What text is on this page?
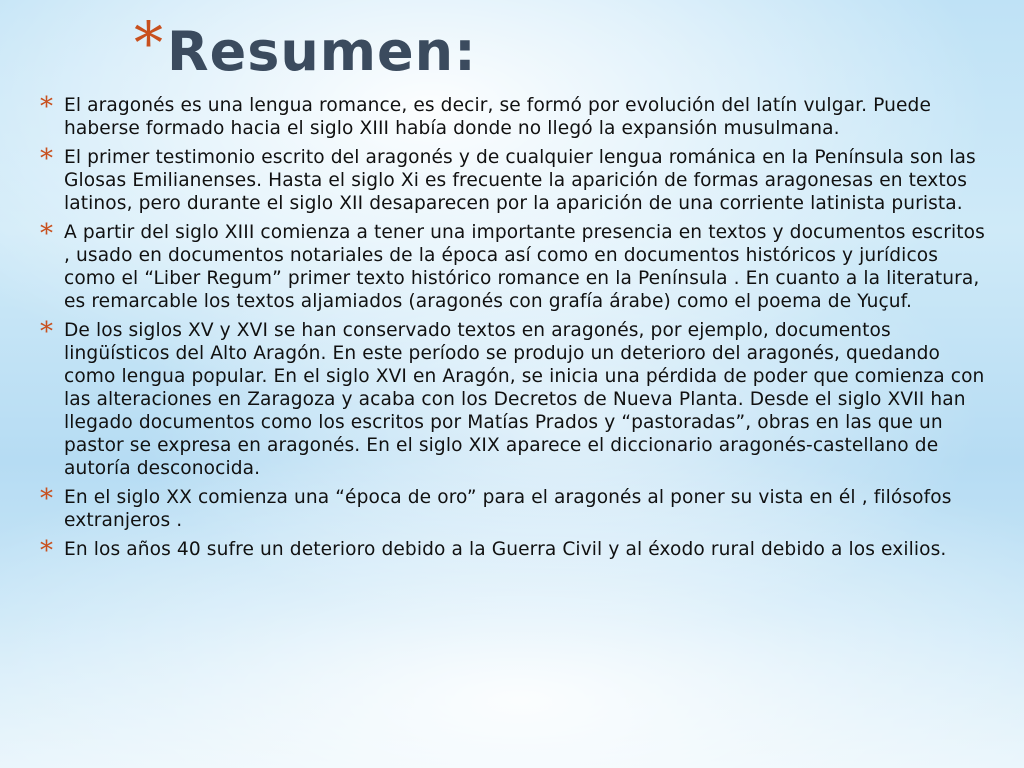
* Resumen:
* El aragonés es una lengua romance, es decir, se formó por evolución del latín vulgar. Puede haberse formado hacia el siglo XIII había donde no llegó la expansión musulmana.
* El primer testimonio escrito del aragonés y de cualquier lengua románica en la Península son las Glosas Emilianenses. Hasta el siglo Xi es frecuente la aparición de formas aragonesas en textos latinos, pero durante el siglo XII desaparecen por la aparición de una corriente latinista purista.
* A partir del siglo XIII comienza a tener una importante presencia en textos y documentos escritos , usado en documentos notariales de la época así como en documentos históricos y jurídicos como el “Liber Regum” primer texto histórico romance en la Península . En cuanto a la literatura, es remarcable los textos aljamiados (aragonés con grafía árabe) como el poema de Yuçuf.
* De los siglos XV y XVI se han conservado textos en aragonés, por ejemplo, documentos lingüísticos del Alto Aragón. En este período se produjo un deterioro del aragonés, quedando como lengua popular. En el siglo XVI en Aragón, se inicia una pérdida de poder que comienza con las alteraciones en Zaragoza y acaba con los Decretos de Nueva Planta. Desde el siglo XVII han llegado documentos como los escritos por Matías Prados y “pastoradas”, obras en las que un pastor se expresa en aragonés. En el siglo XIX aparece el diccionario aragonés-castellano de autoría desconocida.
* En el siglo XX comienza una “época de oro” para el aragonés al poner su vista en él , filósofos extranjeros .
* En los años 40 sufre un deterioro debido a la Guerra Civil y al éxodo rural debido a los exilios.
